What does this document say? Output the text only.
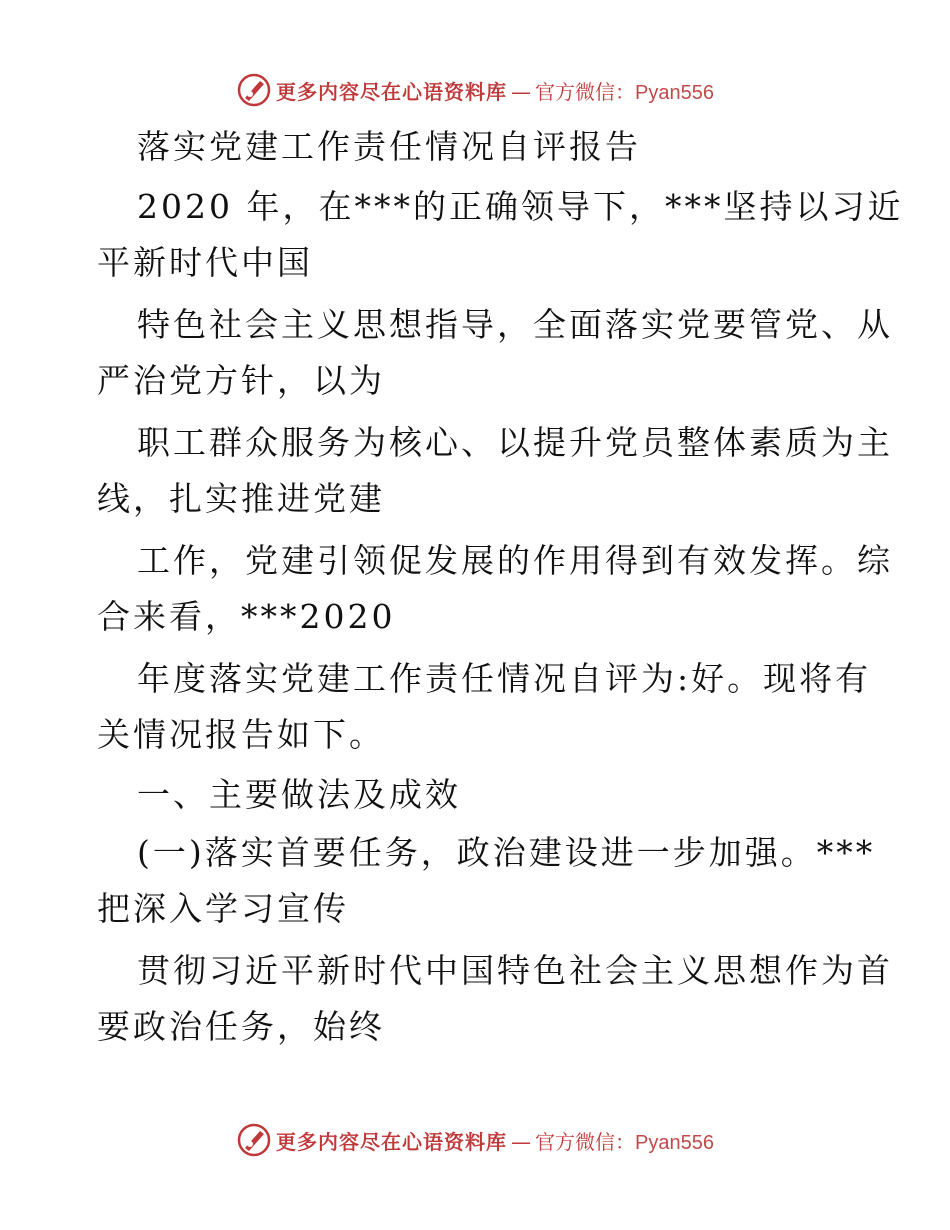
更多内容尽在心语资料库 — 官方微信：Pyan556
落实党建工作责任情况自评报告
2020 年，在***的正确领导下，***坚持以习近
平新时代中国
特色社会主义思想指导，全面落实党要管党、从
严治党方针，以为
职工群众服务为核心、以提升党员整体素质为主
线，扎实推进党建
工作，党建引领促发展的作用得到有效发挥。综
合来看，***2020
年度落实党建工作责任情况自评为:好。现将有
关情况报告如下。
一、主要做法及成效
(一)落实首要任务，政治建设进一步加强。***
把深入学习宣传
贯彻习近平新时代中国特色社会主义思想作为首
要政治任务，始终
更多内容尽在心语资料库 — 官方微信：Pyan556
